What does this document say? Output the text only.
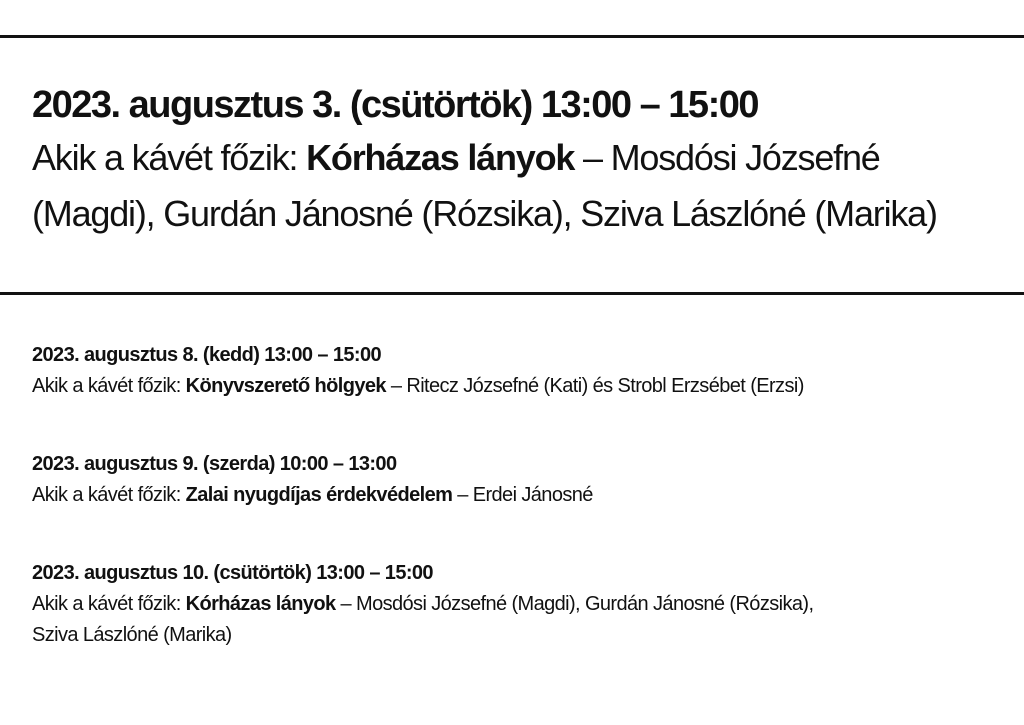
2023. augusztus 3. (csütörtök) 13:00 – 15:00
Akik a kávét főzik: Kórházas lányok – Mosdósi Józsefné
(Magdi), Gurdán Jánosné (Rózsika), Sziva Lászlóné (Marika)
2023. augusztus 8. (kedd) 13:00 – 15:00
Akik a kávét főzik: Könyvszerető hölgyek – Ritecz Józsefné (Kati) és Strobl Erzsébet (Erzsi)
2023. augusztus 9. (szerda) 10:00 – 13:00
Akik a kávét főzik: Zalai nyugdíjas érdekvédelem – Erdei Jánosné
2023. augusztus 10. (csütörtök) 13:00 – 15:00
Akik a kávét főzik: Kórházas lányok – Mosdósi Józsefné (Magdi), Gurdán Jánosné (Rózsika),
Sziva Lászlóné (Marika)
